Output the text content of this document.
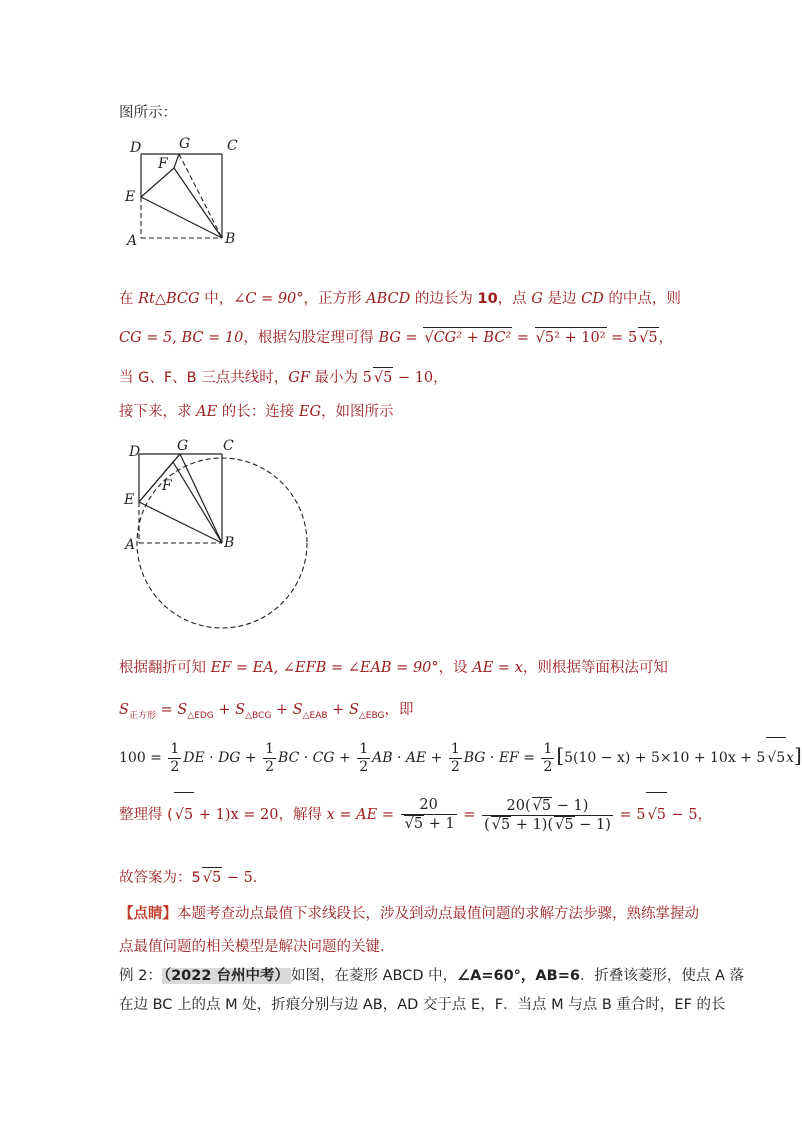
图所示：
D	G	C
F
E
A	B
在 Rt△BCG 中，∠C = 90°，正方形 ABCD 的边长为 10，点 G 是边 CD 的中点，则
CG = 5, BC = 10，根据勾股定理可得 BG = √CG² + BC² = √5² + 10² = 5 √5，
当 G、F、B 三点共线时，GF 最小为 5 √5 − 10，
接下来，求 AE 的长：连接 EG，如图所示
D	G C
F
E
A	B
根据翻折可知 EF = EA, ∠EFB = ∠EAB = 90°，设 AE = x，则根据等面积法可知
$S_{正方形} = S_{\triangle EDG} + S_{\triangle BCG} + S_{\triangle EAB} + S_{\triangle EBG}$，即
$100 = \frac{1}{2}$ DE · DG + $\frac{1}{2}$ BC · CG + $\frac{1}{2}$ AB · AE + $\frac{1}{2}$ BG · EF = $\frac{1}{2} [5(10 - x) + 5\times 10 + 10x + 5$ √5x]
整理得 ( √5 + 1)x = 20，解得 x = AE = $\frac{20}{√5 + 1} = \frac{20( √5 - 1)}{( √5 + 1)( √5 - 1)} = 5$ √5 − 5，
故答案为：5 √5 − 5．
【点睛】本题考查动点最值下求线段长，涉及到动点最值问题的求解方法步骤，熟练掌握动
点最值问题的相关模型是解决问题的关键．
例 2： （2022 台州中考） 如图，在菱形 ABCD 中，∠A=60°，AB=6．折叠该菱形，使点 A 落
在边 BC 上的点 M 处，折痕分别与边 AB，AD 交于点 E，F．当点 M 与点 B 重合时，EF 的长
